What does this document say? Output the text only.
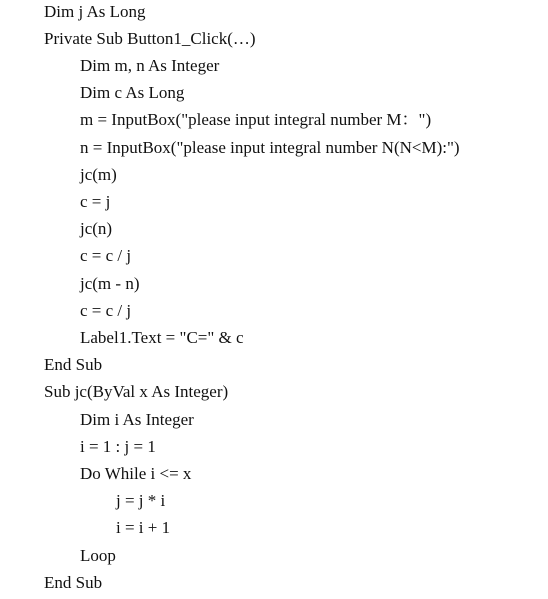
Dim j As Long
Private Sub Button1_Click(…)
Dim m, n As Integer
Dim c As Long
m = InputBox("please input integral number M：")
n = InputBox("please input integral number N(N<M):")
jc(m)
c = j
jc(n)
c = c / j
jc(m - n)
c = c / j
Label1.Text = "C=" & c
End Sub
Sub jc(ByVal x As Integer)
Dim i As Integer
i = 1 : j = 1
Do While i <= x
j = j * i
i = i + 1
Loop
End Sub
